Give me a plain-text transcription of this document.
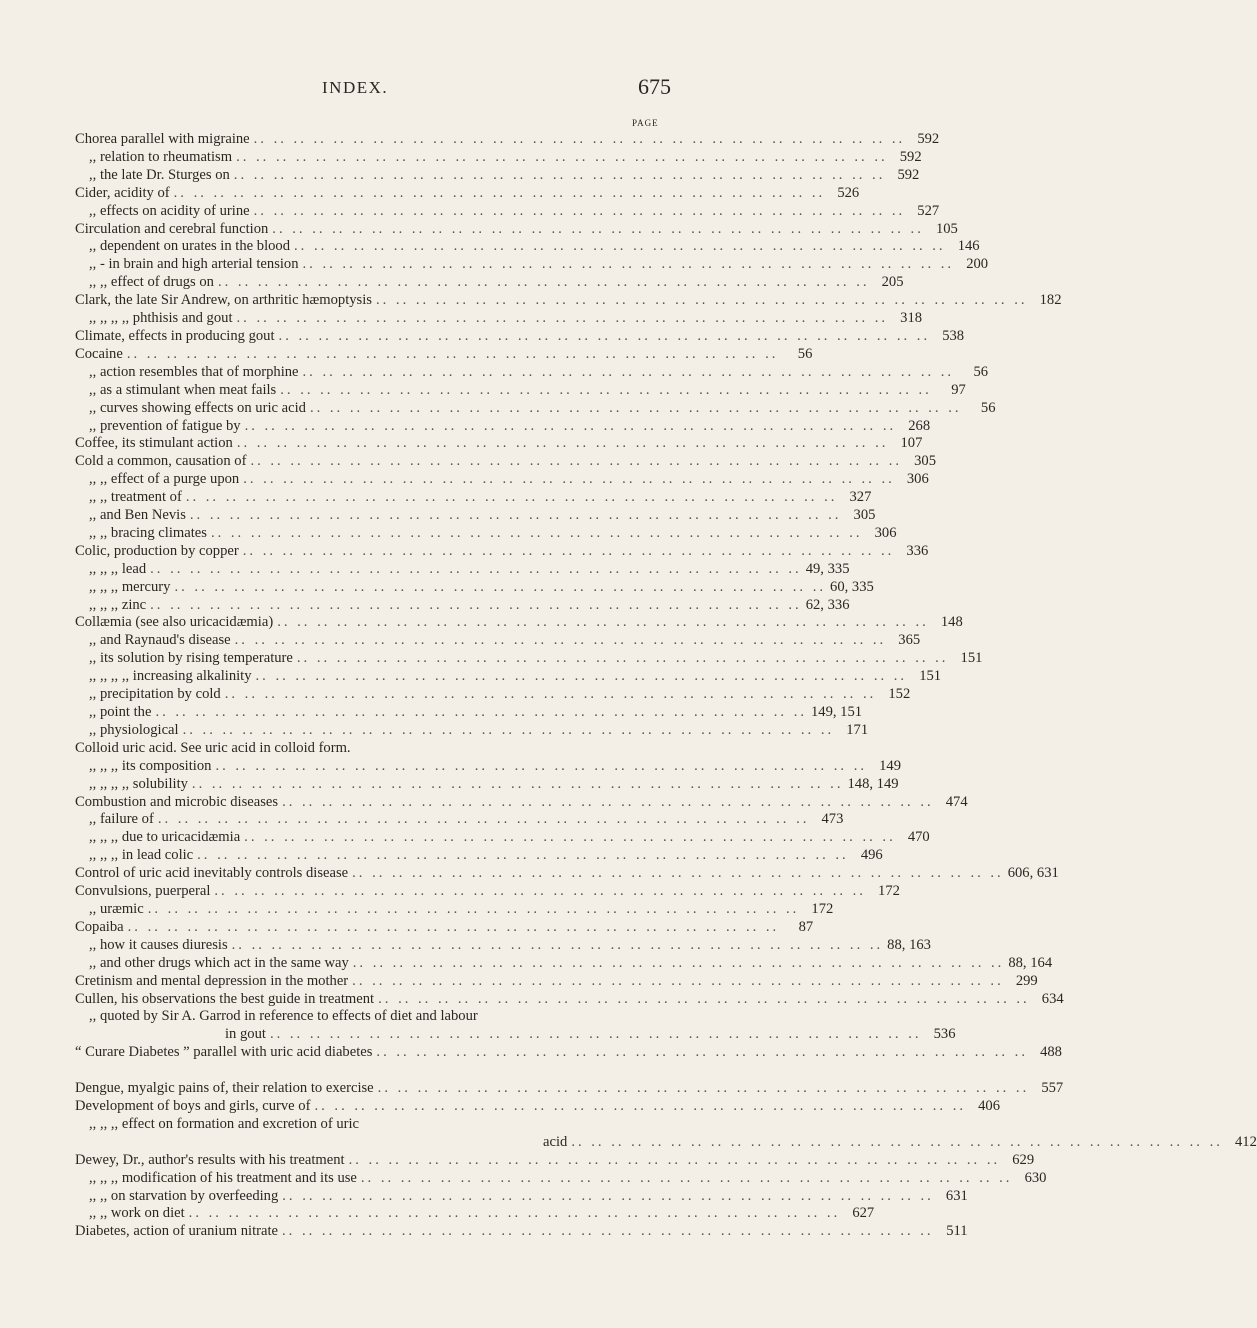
INDEX.	675
PAGE
Chorea parallel with migraine .. ..	592
,, relation to rheumatism .. ..	592
,, the late Dr. Sturges on .. ..	592
Cider, acidity of .. ..	526
,, effects on acidity of urine .. ..	527
Circulation and cerebral function .. ..	105
,, dependent on urates in the blood .. ..	146
,, - in brain and high arterial tension .. ..	200
,, ,, effect of drugs on .. ..	205
Clark, the late Sir Andrew, on arthritic hæmoptysis .. ..	182
,, ,, ,, ,, phthisis and gout .. ..	318
Climate, effects in producing gout .. ..	538
Cocaine .. ..	56
,, action resembles that of morphine .. ..	56
,, as a stimulant when meat fails .. ..	97
,, curves showing effects on uric acid .. ..	56
,, prevention of fatigue by .. ..	268
Coffee, its stimulant action .. ..	107
Cold a common, causation of .. ..	305
,, ,, effect of a purge upon .. ..	306
,, ,, treatment of .. ..	327
,, and Ben Nevis .. ..	305
,, ,, bracing climates .. ..	306
Colic, production by copper .. ..	336
,, ,, ,, lead .. ..	49, 335
,, ,, ,, mercury .. ..	60, 335
,, ,, ,, zinc .. ..	62, 336
Collæmia (see also uricacidæmia) .. ..	148
,, and Raynaud's disease .. ..	365
,, its solution by rising temperature .. ..	151
,, ,, ,, ,, increasing alkalinity .. ..	151
,, precipitation by cold .. ..	152
,, point the .. ..	149, 151
,, physiological .. ..	171
Colloid uric acid. See uric acid in colloid form.
,, ,, ,, its composition .. ..	149
,, ,, ,, ,, solubility .. ..	148, 149
Combustion and microbic diseases .. ..	474
,, failure of .. ..	473
,, ,, ,, due to uricacidæmia .. ..	470
,, ,, ,, in lead colic .. ..	496
Control of uric acid inevitably controls disease .. ..	606, 631
Convulsions, puerperal .. ..	172
,, uræmic .. ..	172
Copaiba .. ..	87
,, how it causes diuresis .. ..	88, 163
,, and other drugs which act in the same way .. ..	88, 164
Cretinism and mental depression in the mother .. ..	299
Cullen, his observations the best guide in treatment .. ..	634
,, quoted by Sir A. Garrod in reference to effects of diet and labour
in gout .. ..	536
“ Curare Diabetes ” parallel with uric acid diabetes .. ..	488
Dengue, myalgic pains of, their relation to exercise .. ..	557
Development of boys and girls, curve of .. ..	406
,, ,, ,, effect on formation and excretion of uric
acid .. ..	412
Dewey, Dr., author's results with his treatment .. ..	629
,, ,, ,, modification of his treatment and its use .. ..	630
,, ,, on starvation by overfeeding .. ..	631
,, ,, work on diet .. ..	627
Diabetes, action of uranium nitrate .. ..	511
